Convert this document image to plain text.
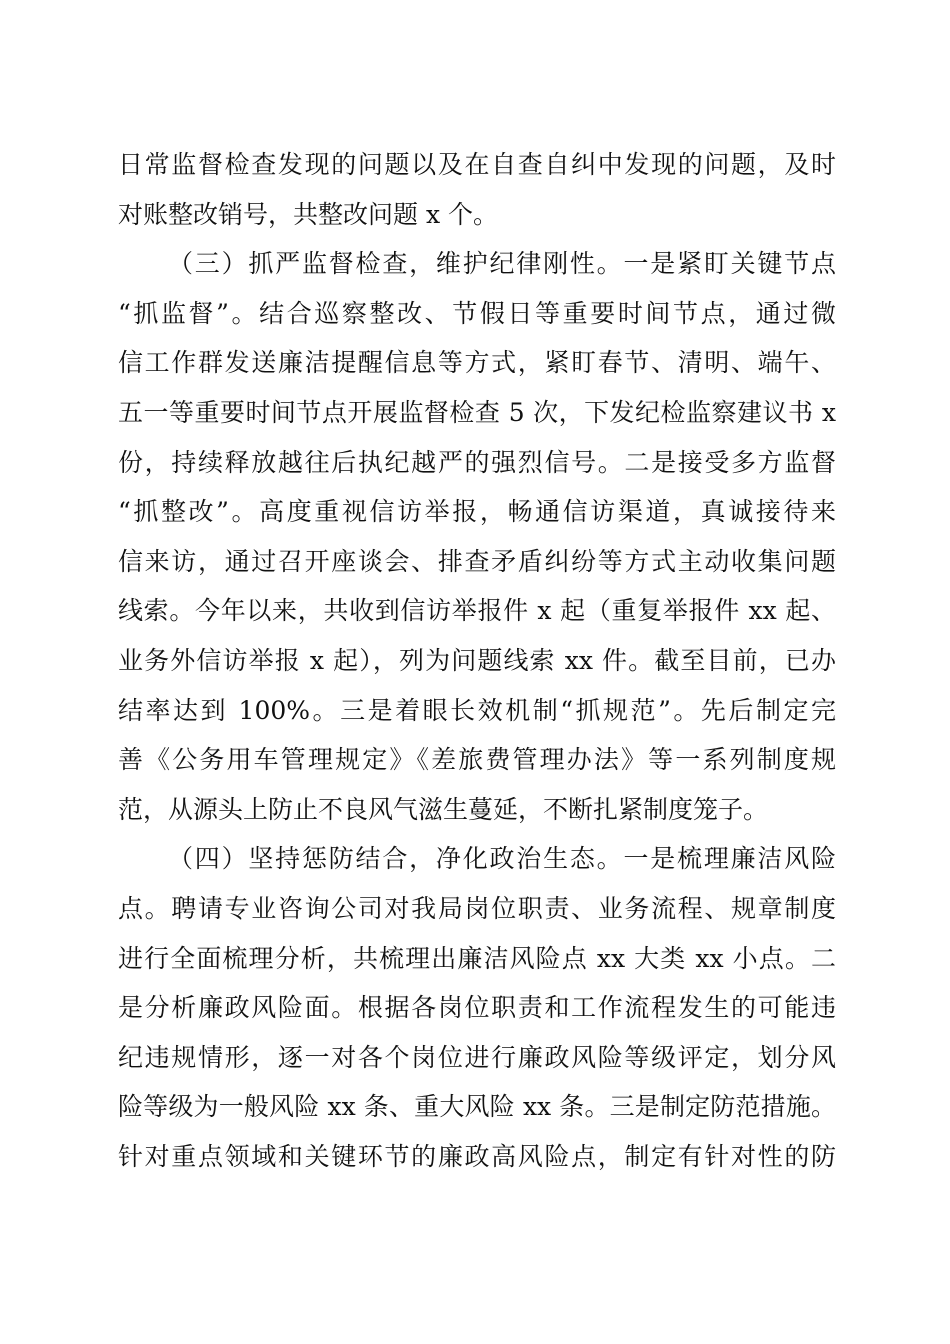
日常监督检查发现的问题以及在自查自纠中发现的问题，及时
对账整改销号，共整改问题 x 个。
（三）抓严监督检查，维护纪律刚性。一是紧盯关键节点
“抓监督”。结合巡察整改、节假日等重要时间节点，通过微
信工作群发送廉洁提醒信息等方式，紧盯春节、清明、端午、
五一等重要时间节点开展监督检查 5 次，下发纪检监察建议书 x
份，持续释放越往后执纪越严的强烈信号。二是接受多方监督
“抓整改”。高度重视信访举报，畅通信访渠道，真诚接待来
信来访，通过召开座谈会、排查矛盾纠纷等方式主动收集问题
线索。今年以来，共收到信访举报件 x 起（重复举报件 xx 起、
业务外信访举报 x 起），列为问题线索 xx 件。截至目前，已办
结率达到 100%。三是着眼长效机制“抓规范”。先后制定完
善《公务用车管理规定》《差旅费管理办法》等一系列制度规
范，从源头上防止不良风气滋生蔓延，不断扎紧制度笼子。
（四）坚持惩防结合，净化政治生态。一是梳理廉洁风险
点。聘请专业咨询公司对我局岗位职责、业务流程、规章制度
进行全面梳理分析，共梳理出廉洁风险点 xx 大类 xx 小点。二
是分析廉政风险面。根据各岗位职责和工作流程发生的可能违
纪违规情形，逐一对各个岗位进行廉政风险等级评定，划分风
险等级为一般风险 xx 条、重大风险 xx 条。三是制定防范措施。
针对重点领域和关键环节的廉政高风险点，制定有针对性的防
